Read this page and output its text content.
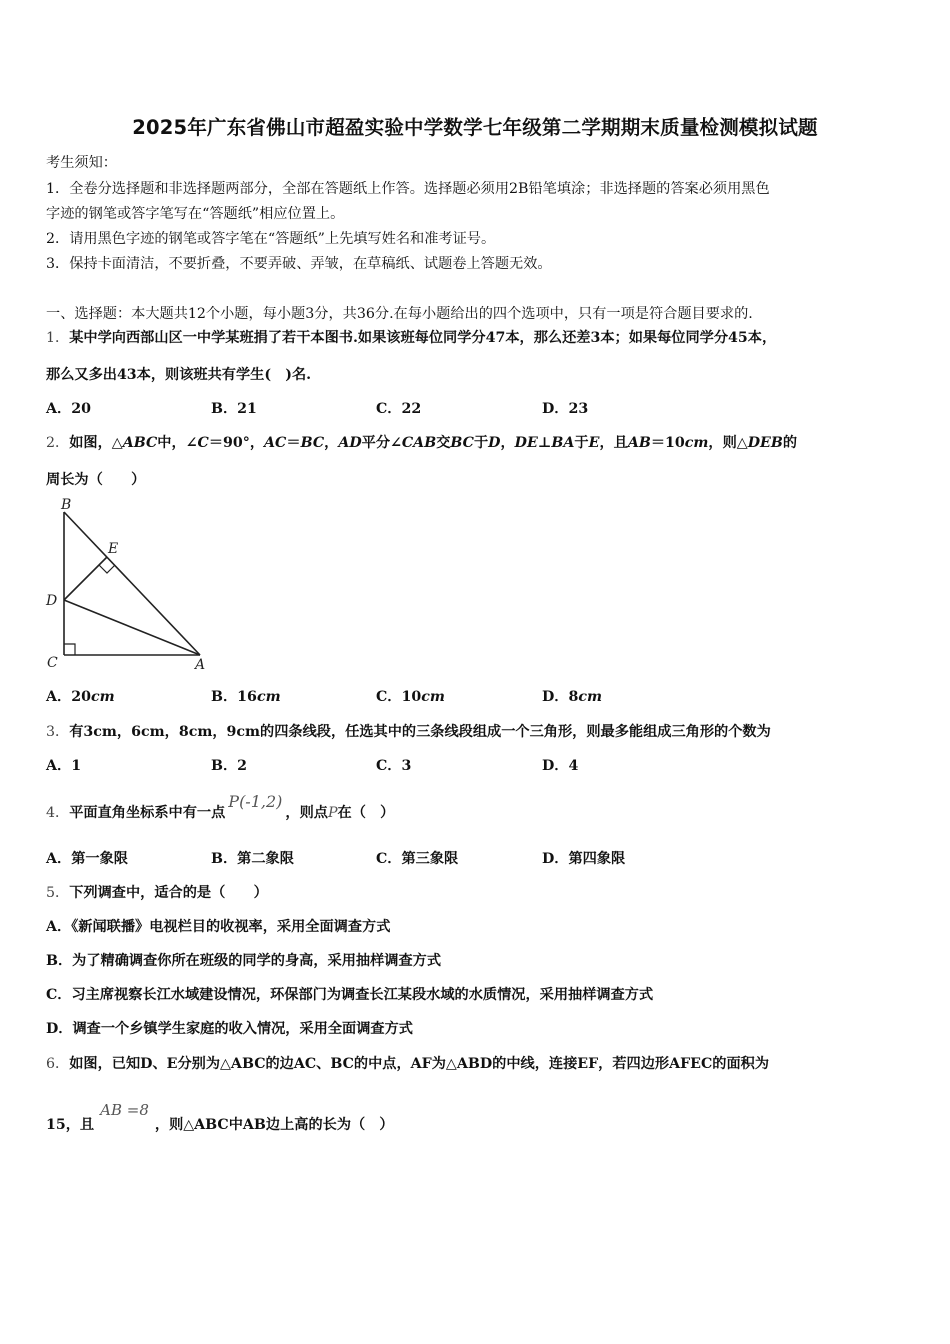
2025年广东省佛山市超盈实验中学数学七年级第二学期期末质量检测模拟试题
考生须知：
1．全卷分选择题和非选择题两部分，全部在答题纸上作答。选择题必须用2B铅笔填涂；非选择题的答案必须用黑色
字迹的钢笔或答字笔写在“答题纸”相应位置上。
2．请用黑色字迹的钢笔或答字笔在“答题纸”上先填写姓名和准考证号。
3．保持卡面清洁，不要折叠，不要弄破、弄皱，在草稿纸、试题卷上答题无效。
一、选择题：本大题共12个小题，每小题3分，共36分.在每小题给出的四个选项中，只有一项是符合题目要求的.
1．某中学向西部山区一中学某班捐了若干本图书.如果该班每位同学分47本，那么还差3本；如果每位同学分45本，
那么又多出43本，则该班共有学生(　)名.
A．20	B．21	C．22	D．23
2．如图，△ABC中，∠C＝90°，AC＝BC，AD平分∠CAB交BC于D，DE⊥BA于E，且AB＝10cm，则△DEB的
周长为（　　）
B
E
D
C	A
A．20cm	B．16cm	C．10cm	D．8cm
3．有3cm，6cm，8cm，9cm的四条线段，任选其中的三条线段组成一个三角形，则最多能组成三角形的个数为
A．1	B．2	C．3	D．4
4．平面直角坐标系中有一点P(‑1,2)，则点P在（　）
A．第一象限	B．第二象限	C．第三象限	D．第四象限
5．下列调查中，适合的是（　　）
A．《新闻联播》电视栏目的收视率，采用全面调查方式
B．为了精确调查你所在班级的同学的身高，采用抽样调查方式
C．习主席视察长江水域建设情况，环保部门为调查长江某段水域的水质情况，采用抽样调查方式
D．调查一个乡镇学生家庭的收入情况，采用全面调查方式
6．如图，已知D、E分别为△ABC的边AC、BC的中点，AF为△ABD的中线，连接EF，若四边形AFEC的面积为
15，且AB =8，则△ABC中AB边上高的长为（　）
